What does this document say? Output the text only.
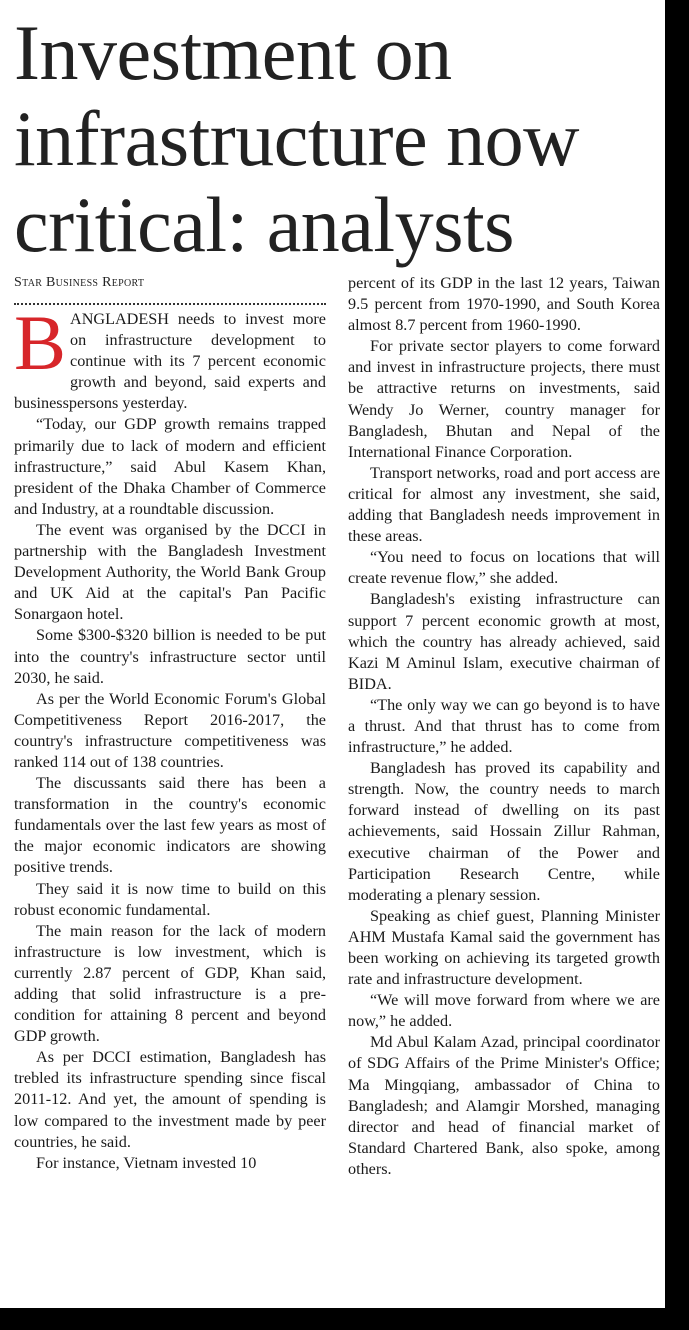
Investment on infrastructure now critical: analysts
Star Business Report

BANGLADESH needs to invest more on infrastructure development to continue with its 7 percent economic growth and beyond, said experts and businesspersons yesterday.

“Today, our GDP growth remains trapped primarily due to lack of modern and efficient infrastructure,” said Abul Kasem Khan, president of the Dhaka Chamber of Commerce and Industry, at a roundtable discussion.

The event was organised by the DCCI in partnership with the Bangladesh Investment Development Authority, the World Bank Group and UK Aid at the capital's Pan Pacific Sonargaon hotel.

Some $300-$320 billion is needed to be put into the country's infrastructure sector until 2030, he said.

As per the World Economic Forum's Global Competitiveness Report 2016-2017, the country's infrastructure competitiveness was ranked 114 out of 138 countries.

The discussants said there has been a transformation in the country's economic fundamentals over the last few years as most of the major economic indicators are showing positive trends.

They said it is now time to build on this robust economic fundamental.

The main reason for the lack of modern infrastructure is low investment, which is currently 2.87 percent of GDP, Khan said, adding that solid infrastructure is a pre-condition for attaining 8 percent and beyond GDP growth.

As per DCCI estimation, Bangladesh has trebled its infrastructure spending since fiscal 2011-12. And yet, the amount of spending is low compared to the investment made by peer countries, he said.

For instance, Vietnam invested 10

percent of its GDP in the last 12 years, Taiwan 9.5 percent from 1970-1990, and South Korea almost 8.7 percent from 1960-1990.

For private sector players to come forward and invest in infrastructure projects, there must be attractive returns on investments, said Wendy Jo Werner, country manager for Bangladesh, Bhutan and Nepal of the International Finance Corporation.

Transport networks, road and port access are critical for almost any investment, she said, adding that Bangladesh needs improvement in these areas.

“You need to focus on locations that will create revenue flow,” she added.

Bangladesh's existing infrastructure can support 7 percent economic growth at most, which the country has already achieved, said Kazi M Aminul Islam, executive chairman of BIDA.

“The only way we can go beyond is to have a thrust. And that thrust has to come from infrastructure,” he added.

Bangladesh has proved its capability and strength. Now, the country needs to march forward instead of dwelling on its past achievements, said Hossain Zillur Rahman, executive chairman of the Power and Participation Research Centre, while moderating a plenary session.

Speaking as chief guest, Planning Minister AHM Mustafa Kamal said the government has been working on achieving its targeted growth rate and infrastructure development.

“We will move forward from where we are now,” he added.

Md Abul Kalam Azad, principal coordinator of SDG Affairs of the Prime Minister's Office; Ma Mingqiang, ambassador of China to Bangladesh; and Alamgir Morshed, managing director and head of financial market of Standard Chartered Bank, also spoke, among others.
